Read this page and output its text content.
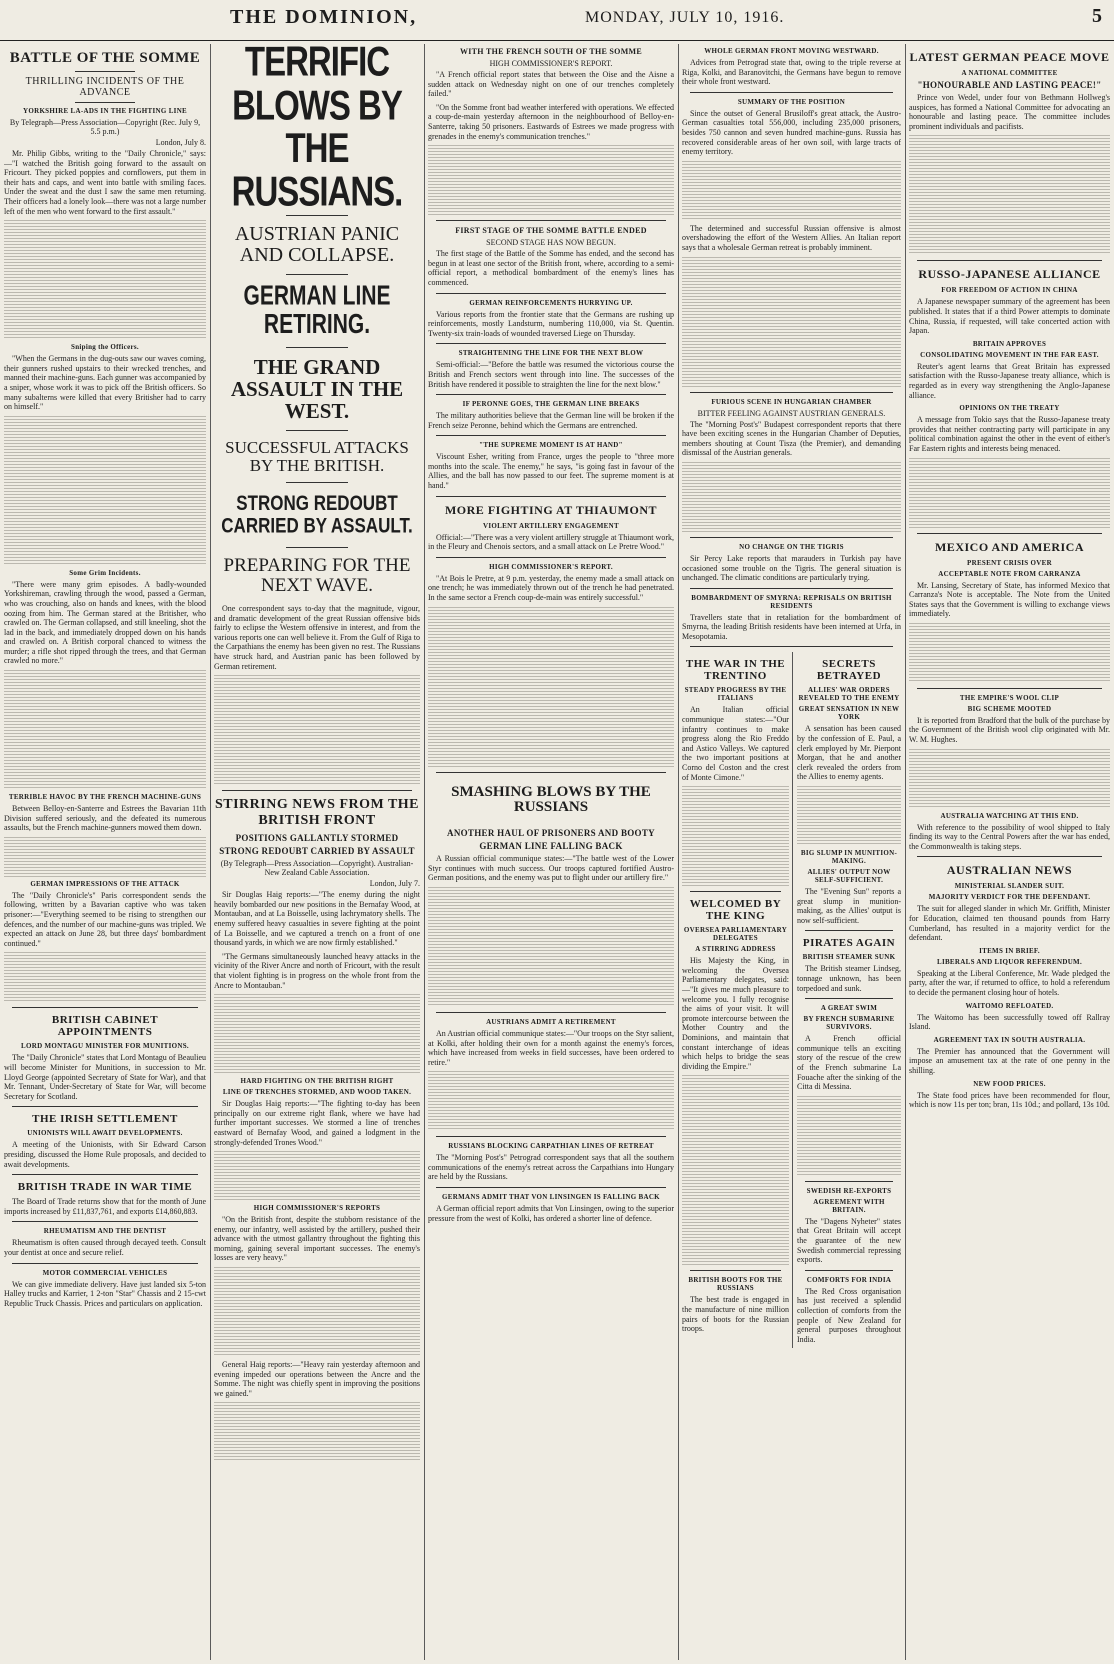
THE DOMINION,	MONDAY, JULY 10, 1916.	5
BATTLE OF THE SOMME
THRILLING INCIDENTS OF THE ADVANCE
YORKSHIRE LA-ADS IN THE FIGHTING LINE
By Telegraph—Press Association—Copyright (Rec. July 9, 5.5 p.m.)
London, July 8.

Mr. Philip Gibbs, writing to the "Daily Chronicle," says:—"I watched the British going forward to the assault on Fricourt. They picked poppies and cornflowers, put them in their hats and caps, and went into battle with smiling faces. Under the sweat and the dust I saw the same men returning. Their officers had a lonely look—there was not a large number left of the men who went forward to the first assault."

Sniping the Officers.

"When the Germans in the dug-outs saw our waves coming, their gunners rushed upstairs to their wrecked trenches, and manned their machine-guns. Each gunner was accompanied by a sniper, whose work it was to pick off the British officers. So many subalterns were killed that every Britisher had to carry on himself."

Some Grim Incidents.

"There were many grim episodes. A badly-wounded Yorkshireman, crawling through the wood, passed a German, who was crouching, also on hands and knees, with the blood oozing from him. The German stared at the Britisher, who crawled on. The German collapsed, and still kneeling, shot the lad in the back, and immediately dropped down on his hands and crawled on. A British corporal chanced to witness the murder; a rifle shot ripped through the trees, and that German crawled no more."

TERRIBLE HAVOC BY THE FRENCH MACHINE-GUNS

Between Belloy-en-Santerre and Estrees the Bavarian 11th Division suffered seriously, and the defeated its numerous assaults, but the French machine-gunners mowed them down.

GERMAN IMPRESSIONS OF THE ATTACK

The "Daily Chronicle's" Paris correspondent sends the following, written by a Bavarian captive who was taken prisoner:—"Everything seemed to be rising to strengthen our defences, and the number of our machine-guns was tripled. We expected an attack on June 28, but three days' bombardment continued."

BRITISH CABINET APPOINTMENTS
LORD MONTAGU MINISTER FOR MUNITIONS.

The "Daily Chronicle" states that Lord Montagu of Beaulieu will become Minister for Munitions, in succession to Mr. Lloyd George (appointed Secretary of State for War), and that Mr. Tennant, Under-Secretary of State for War, will become Secretary for Scotland.

THE IRISH SETTLEMENT
UNIONISTS WILL AWAIT DEVELOPMENTS.

A meeting of the Unionists, with Sir Edward Carson presiding, discussed the Home Rule proposals, and decided to await developments.

BRITISH TRADE IN WAR TIME

The Board of Trade returns show that for the month of June imports increased by £11,837,761, and exports £14,860,883.

RHEUMATISM AND THE DENTIST

Rheumatism is often caused through decayed teeth. Consult your dentist at once and secure relief.

MOTOR COMMERCIAL VEHICLES

We can give immediate delivery. Have just landed six 5-ton Halley trucks and Karrier, 1 2-ton "Star" Chassis and 2 15-cwt Republic Truck Chassis. Prices and particulars on application.

TERRIFIC BLOWS BY THE RUSSIANS.
AUSTRIAN PANIC AND COLLAPSE.
GERMAN LINE RETIRING.
THE GRAND ASSAULT IN THE WEST.
SUCCESSFUL ATTACKS BY THE BRITISH.
STRONG REDOUBT CARRIED BY ASSAULT.
PREPARING FOR THE NEXT WAVE.

One correspondent says to-day that the magnitude, vigour, and dramatic development of the great Russian offensive bids fairly to eclipse the Western offensive in interest, and from the various reports one can well believe it. From the Gulf of Riga to the Carpathians the enemy has been given no rest. The Russians have struck hard, and Austrian panic has been followed by German retirement.

STIRRING NEWS FROM THE BRITISH FRONT
POSITIONS GALLANTLY STORMED
STRONG REDOUBT CARRIED BY ASSAULT
(By Telegraph—Press Association—Copyright). Australian-New Zealand Cable Association.
London, July 7.

Sir Douglas Haig reports:—"The enemy during the night heavily bombarded our new positions in the Bernafay Wood, at Montauban, and at La Boisselle, using lachrymatory shells. The enemy suffered heavy casualties in severe fighting at the point of La Boisselle, and we captured a trench on a front of one thousand yards, in which we are now firmly established."

"The Germans simultaneously launched heavy attacks in the vicinity of the River Ancre and north of Fricourt, with the result that violent fighting is in progress on the whole front from the Ancre to Montauban."

HARD FIGHTING ON THE BRITISH RIGHT
LINE OF TRENCHES STORMED, AND WOOD TAKEN.

Sir Douglas Haig reports:—"The fighting to-day has been principally on our extreme right flank, where we have had further important successes. We stormed a line of trenches eastward of Bernafay Wood, and gained a lodgment in the strongly-defended Trones Wood."

HIGH COMMISSIONER'S REPORTS

"On the British front, despite the stubborn resistance of the enemy, our infantry, well assisted by the artillery, pushed their advance with the utmost gallantry throughout the fighting this morning, gaining several important successes. The enemy's losses are very heavy."

General Haig reports:—"Heavy rain yesterday afternoon and evening impeded our operations between the Ancre and the Somme. The night was chiefly spent in improving the positions we gained."

WITH THE FRENCH SOUTH OF THE SOMME
HIGH COMMISSIONER'S REPORT.

"A French official report states that between the Oise and the Aisne a sudden attack on Wednesday night on one of our trenches completely failed."

"On the Somme front bad weather interfered with operations. We effected a coup-de-main yesterday afternoon in the neighbourhood of Belloy-en-Santerre, taking 50 prisoners. Eastwards of Estrees we made progress with grenades in the enemy's communication trenches."

FIRST STAGE OF THE SOMME BATTLE ENDED
SECOND STAGE HAS NOW BEGUN.

The first stage of the Battle of the Somme has ended, and the second has begun in at least one sector of the British front, where, according to a semi-official report, a methodical bombardment of the enemy's lines has commenced.

GERMAN REINFORCEMENTS HURRYING UP.

Various reports from the frontier state that the Germans are rushing up reinforcements, mostly Landsturm, numbering 110,000, via St. Quentin. Twenty-six train-loads of wounded traversed Liege on Thursday.

STRAIGHTENING THE LINE FOR THE NEXT BLOW

Semi-official:—"Before the battle was resumed the victorious course the British and French sectors went through into line. The successes of the British have rendered it possible to straighten the line for the next blow."

IF PERONNE GOES, THE GERMAN LINE BREAKS

The military authorities believe that the German line will be broken if the French seize Peronne, behind which the Germans are entrenched.

"THE SUPREME MOMENT IS AT HAND"

Viscount Esher, writing from France, urges the people to "three more months into the scale. The enemy," he says, "is going fast in favour of the Allies, and the ball has now passed to our feet. The supreme moment is at hand."

MORE FIGHTING AT THIAUMONT
VIOLENT ARTILLERY ENGAGEMENT

Official:—"There was a very violent artillery struggle at Thiaumont work, in the Fleury and Chenois sectors, and a small attack on Le Pretre Wood."

HIGH COMMISSIONER'S REPORT.

"At Bois le Pretre, at 9 p.m. yesterday, the enemy made a small attack on one trench; he was immediately thrown out of the trench he had penetrated. In the same sector a French coup-de-main was entirely successful."

SMASHING BLOWS BY THE RUSSIANS
ANOTHER HAUL OF PRISONERS AND BOOTY
GERMAN LINE FALLING BACK

A Russian official communique states:—"The battle west of the Lower Styr continues with much success. Our troops captured fortified Austro-German positions, and the enemy was put to flight under our artillery fire."

AUSTRIANS ADMIT A RETIREMENT

An Austrian official communique states:—"Our troops on the Styr salient, at Kolki, after holding their own for a month against the enemy's forces, which have increased from weeks in field successes, have been ordered to retire."

RUSSIANS BLOCKING CARPATHIAN LINES OF RETREAT

The "Morning Post's" Petrograd correspondent says that all the southern communications of the enemy's retreat across the Carpathians into Hungary are held by the Russians.

GERMANS ADMIT THAT VON LINSINGEN IS FALLING BACK

A German official report admits that Von Linsingen, owing to the superior pressure from the west of Kolki, has ordered a shorter line of defence.

WHOLE GERMAN FRONT MOVING WESTWARD.

Advices from Petrograd state that, owing to the triple reverse at Riga, Kolki, and Baranovitchi, the Germans have begun to remove their whole front westward.

SUMMARY OF THE POSITION

Since the outset of General Brusiloff's great attack, the Austro-German casualties total 556,000, including 235,000 prisoners, besides 750 cannon and seven hundred machine-guns. Russia has recovered considerable areas of her own soil, with large tracts of enemy territory.

The determined and successful Russian offensive is almost overshadowing the effort of the Western Allies. An Italian report says that a wholesale German retreat is probably imminent.

FURIOUS SCENE IN HUNGARIAN CHAMBER
BITTER FEELING AGAINST AUSTRIAN GENERALS.

The "Morning Post's" Budapest correspondent reports that there have been exciting scenes in the Hungarian Chamber of Deputies, members shouting at Count Tisza (the Premier), and demanding dismissal of the Austrian generals.

NO CHANGE ON THE TIGRIS

Sir Percy Lake reports that marauders in Turkish pay have occasioned some trouble on the Tigris. The general situation is unchanged. The climatic conditions are particularly trying.

BOMBARDMENT OF SMYRNA: REPRISALS ON BRITISH RESIDENTS

Travellers state that in retaliation for the bombardment of Smyrna, the leading British residents have been interned at Urfa, in Mesopotamia.

THE WAR IN THE TRENTINO
STEADY PROGRESS BY THE ITALIANS

An Italian official communique states:—"Our infantry continues to make progress along the Rio Freddo and Astico Valleys. We captured the two important positions at Corno del Coston and the crest of Monte Cimone."

WELCOMED BY THE KING
OVERSEA PARLIAMENTARY DELEGATES
A STIRRING ADDRESS

His Majesty the King, in welcoming the Oversea Parliamentary delegates, said:—"It gives me much pleasure to welcome you. I fully recognise the aims of your visit. It will promote intercourse between the Mother Country and the Dominions, and maintain that constant interchange of ideas which helps to bridge the seas dividing the Empire."

BRITISH BOOTS FOR THE RUSSIANS

The best trade is engaged in the manufacture of nine million pairs of boots for the Russian troops.

SECRETS BETRAYED
ALLIES' WAR ORDERS REVEALED TO THE ENEMY
GREAT SENSATION IN NEW YORK

A sensation has been caused by the confession of E. Paul, a clerk employed by Mr. Pierpont Morgan, that he and another clerk revealed the orders from the Allies to enemy agents.

BIG SLUMP IN MUNITION-MAKING.
ALLIES' OUTPUT NOW SELF-SUFFICIENT.

The "Evening Sun" reports a great slump in munition-making, as the Allies' output is now self-sufficient.

PIRATES AGAIN
BRITISH STEAMER SUNK

The British steamer Lindseg, tonnage unknown, has been torpedoed and sunk.

A GREAT SWIM
BY FRENCH SUBMARINE SURVIVORS.

A French official communique tells an exciting story of the rescue of the crew of the French submarine La Fouache after the sinking of the Citta di Messina.

SWEDISH RE-EXPORTS
AGREEMENT WITH BRITAIN.

The "Dagens Nyheter" states that Great Britain will accept the guarantee of the new Swedish commercial repressing exports.

COMFORTS FOR INDIA

The Red Cross organisation has just received a splendid collection of comforts from the people of New Zealand for general purposes throughout India.

LATEST GERMAN PEACE MOVE
A NATIONAL COMMITTEE
"HONOURABLE AND LASTING PEACE!"

Prince von Wedel, under four von Bethmann Hollweg's auspices, has formed a National Committee for advocating an honourable and lasting peace. The committee includes prominent individuals and pacifists.

RUSSO-JAPANESE ALLIANCE
FOR FREEDOM OF ACTION IN CHINA

A Japanese newspaper summary of the agreement has been published. It states that if a third Power attempts to dominate China, Russia, if requested, will take concerted action with Japan.

BRITAIN APPROVES
CONSOLIDATING MOVEMENT IN THE FAR EAST.

Reuter's agent learns that Great Britain has expressed satisfaction with the Russo-Japanese treaty alliance, which is regarded as in every way strengthening the Anglo-Japanese alliance.

OPINIONS ON THE TREATY

A message from Tokio says that the Russo-Japanese treaty provides that neither contracting party will participate in any political combination against the other in the event of either's Far Eastern rights and interests being menaced.

MEXICO AND AMERICA
PRESENT CRISIS OVER
ACCEPTABLE NOTE FROM CARRANZA

Mr. Lansing, Secretary of State, has informed Mexico that Carranza's Note is acceptable. The Note from the United States says that the Government is willing to exchange views immediately.

THE EMPIRE'S WOOL CLIP
BIG SCHEME MOOTED

It is reported from Bradford that the bulk of the purchase by the Government of the British wool clip originated with Mr. W. M. Hughes.

AUSTRALIA WATCHING AT THIS END.

With reference to the possibility of wool shipped to Italy finding its way to the Central Powers after the war has ended, the Commonwealth is taking steps.

AUSTRALIAN NEWS
MINISTERIAL SLANDER SUIT.
MAJORITY VERDICT FOR THE DEFENDANT.

The suit for alleged slander in which Mr. Griffith, Minister for Education, claimed ten thousand pounds from Harry Cumberland, has resulted in a majority verdict for the defendant.

ITEMS IN BRIEF.
LIBERALS AND LIQUOR REFERENDUM.

Speaking at the Liberal Conference, Mr. Wade pledged the party, after the war, if returned to office, to hold a referendum to decide the permanent closing hour of hotels.

WAITOMO REFLOATED.

The Waitomo has been successfully towed off Rallray Island.

AGREEMENT TAX IN SOUTH AUSTRALIA.

The Premier has announced that the Government will impose an amusement tax at the rate of one penny in the shilling.

NEW FOOD PRICES.

The State food prices have been recommended for flour, which is now 11s per ton; bran, 11s 10d.; and pollard, 13s 10d.
